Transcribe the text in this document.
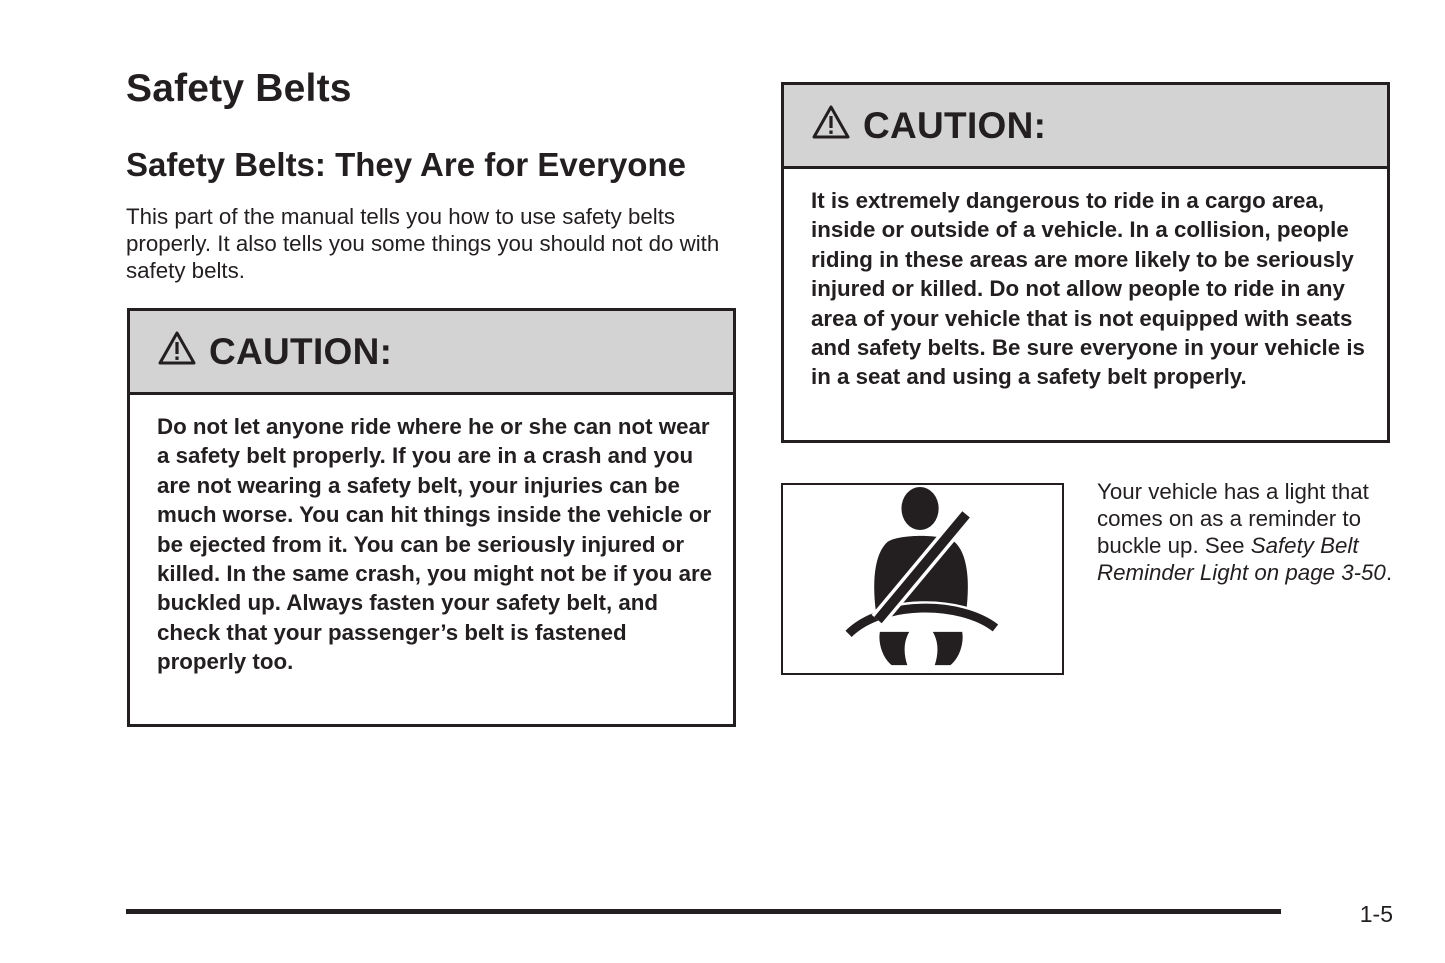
Safety Belts
Safety Belts: They Are for Everyone

This part of the manual tells you how to use safety belts properly. It also tells you some things you should not do with safety belts.

CAUTION:

Do not let anyone ride where he or she can not wear a safety belt properly. If you are in a crash and you are not wearing a safety belt, your injuries can be much worse. You can hit things inside the vehicle or be ejected from it. You can be seriously injured or killed. In the same crash, you might not be if you are buckled up. Always fasten your safety belt, and check that your passenger’s belt is fastened properly too.

CAUTION:

It is extremely dangerous to ride in a cargo area, inside or outside of a vehicle. In a collision, people riding in these areas are more likely to be seriously injured or killed. Do not allow people to ride in any area of your vehicle that is not equipped with seats and safety belts. Be sure everyone in your vehicle is in a seat and using a safety belt properly.

Your vehicle has a light that comes on as a reminder to buckle up. See Safety Belt Reminder Light on page 3-50.

1-5
